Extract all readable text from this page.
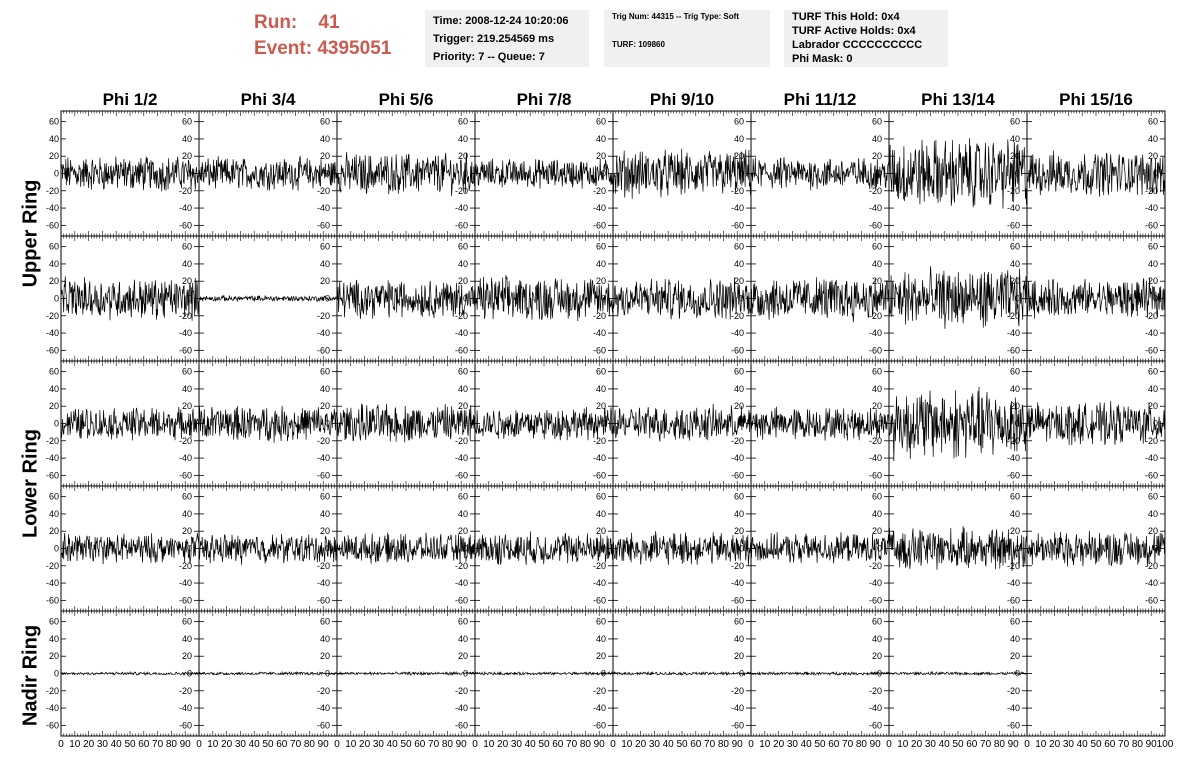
Run: 41
Event: 4395051
Time: 2008-12-24 10:20:06
Trigger: 219.254569 ms
Priority: 7 -- Queue: 7
Trig Num: 44315 -- Trig Type: Soft
TURF: 109860
TURF This Hold: 0x4
TURF Active Holds: 0x4
Labrador CCCCCCCCCC
Phi Mask: 0
Upper Ring
Lower Ring
Nadir Ring
Phi 1/2	Phi 3/4	Phi 5/6	Phi 7/8	Phi 9/10	Phi 11/12	Phi 13/14	Phi 15/16
-60	-60
-40	-40
-20	-20
0	0
20	20
40	40
60	60
-60
-40
-20
0
20
40
60
-60
-40
-20
0
20
40
60
-60
-40
-20
0
20
40
60
-60
-40
-20
0
20
40
60
-60
-40
-20
0
20
40
60
-60
-40
-20
0
20
40
60
-60
-40
-20
0
20
40
60
-60	-60
-40	-40
-20	-20
0	0
20	20
40	40
60	60
-60
-40
-20
0
20
40
60
-60
-40
-20
0
20
40
60
-60
-40
-20
0
20
40
60
-60
-40
-20
0
20
40
60
-60
-40
-20
0
20
40
60
-60
-40
-20
0
20
40
60
-60
-40
-20
0
20
40
60
-60	-60
-40	-40
-20	-20
0	0
20	20
40	40
60	60
-60
-40
-20
0
20
40
60
-60
-40
-20
0
20
40
60
-60
-40
-20
0
20
40
60
-60
-40
-20
0
20
40
60
-60
-40
-20
0
20
40
60
-60
-40
-20
0
20
40
60
-60
-40
-20
0
20
40
60
-60	-60
-40	-40
-20	-20
0	0
20	20
40	40
60	60
-60
-40
-20
0
20
40
60
-60
-40
-20
0
20
40
60
-60
-40
-20
0
20
40
60
-60
-40
-20
0
20
40
60
-60
-40
-20
0
20
40
60
-60
-40
-20
0
20
40
60
-60
-40
-20
0
20
40
60
-60	-60
-40	-40
-20	-20
0	0
20	20
40	40
60	60
-60
-40
-20
0
20
40
60
-60
-40
-20
0
20
40
60
-60
-40
-20
0
20
40
60
-60
-40
-20
0
20
40
60
-60
-40
-20
0
20
40
60
-60
-40
-20
0
20
40
60
0 10 20 30 40 50 60 70 80 90 0 10 20 30 40 50 60 70 80 90 0 10 20 30 40 50 60 70 80 90 0 10 20 30 40 50 60 70 80 90 0 10 20 30 40 50 60 70 80 90 0 10 20 30 40 50 60 70 80 90 0 10 20 30 40 50 60 70 80 90 0 10 20 30 40 50 60 70 80 90 100
